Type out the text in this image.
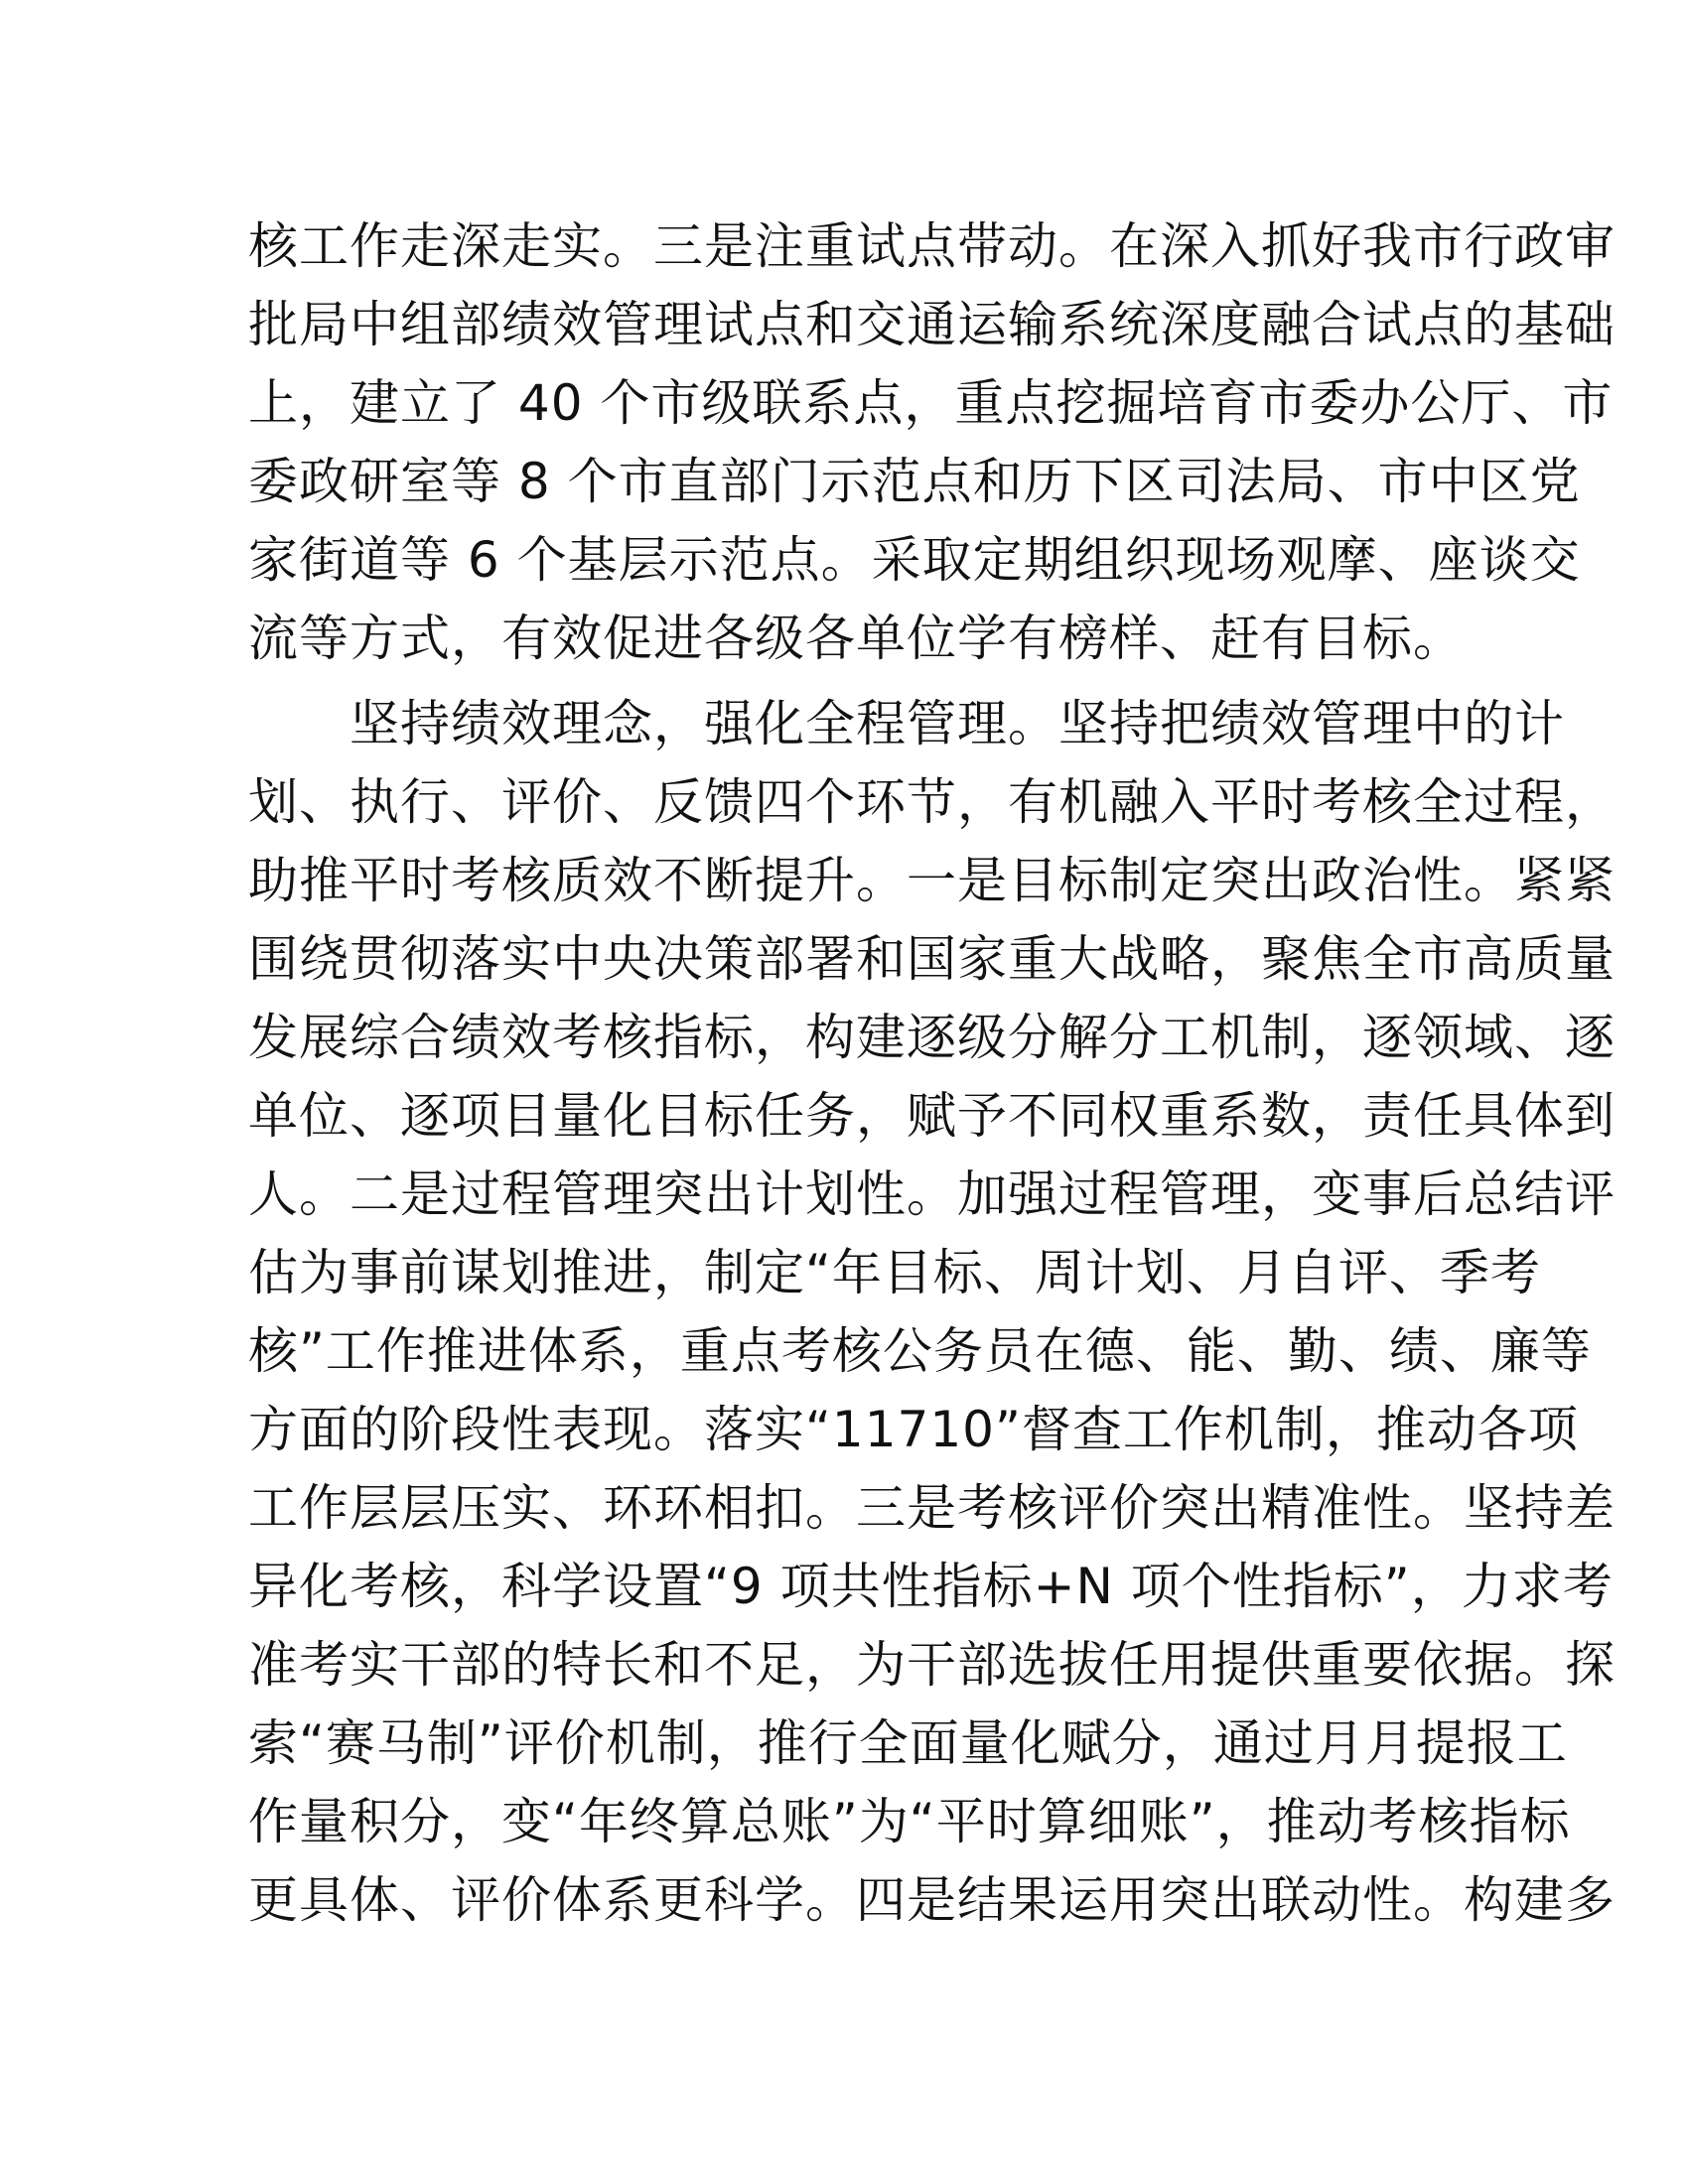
核工作走深走实。三是注重试点带动。在深入抓好我市行政审
批局中组部绩效管理试点和交通运输系统深度融合试点的基础
上，建立了 40 个市级联系点，重点挖掘培育市委办公厅、市
委政研室等 8 个市直部门示范点和历下区司法局、市中区党
家街道等 6 个基层示范点。采取定期组织现场观摩、座谈交
流等方式，有效促进各级各单位学有榜样、赶有目标。
　　坚持绩效理念，强化全程管理。坚持把绩效管理中的计
划、执行、评价、反馈四个环节，有机融入平时考核全过程，
助推平时考核质效不断提升。一是目标制定突出政治性。紧紧
围绕贯彻落实中央决策部署和国家重大战略，聚焦全市高质量
发展综合绩效考核指标，构建逐级分解分工机制，逐领域、逐
单位、逐项目量化目标任务，赋予不同权重系数，责任具体到
人。二是过程管理突出计划性。加强过程管理，变事后总结评
估为事前谋划推进，制定“年目标、周计划、月自评、季考
核”工作推进体系，重点考核公务员在德、能、勤、绩、廉等
方面的阶段性表现。落实“11710”督查工作机制，推动各项
工作层层压实、环环相扣。三是考核评价突出精准性。坚持差
异化考核，科学设置“9 项共性指标+N 项个性指标”，力求考
准考实干部的特长和不足，为干部选拔任用提供重要依据。探
索“赛马制”评价机制，推行全面量化赋分，通过月月提报工
作量积分，变“年终算总账”为“平时算细账”，推动考核指标
更具体、评价体系更科学。四是结果运用突出联动性。构建多
